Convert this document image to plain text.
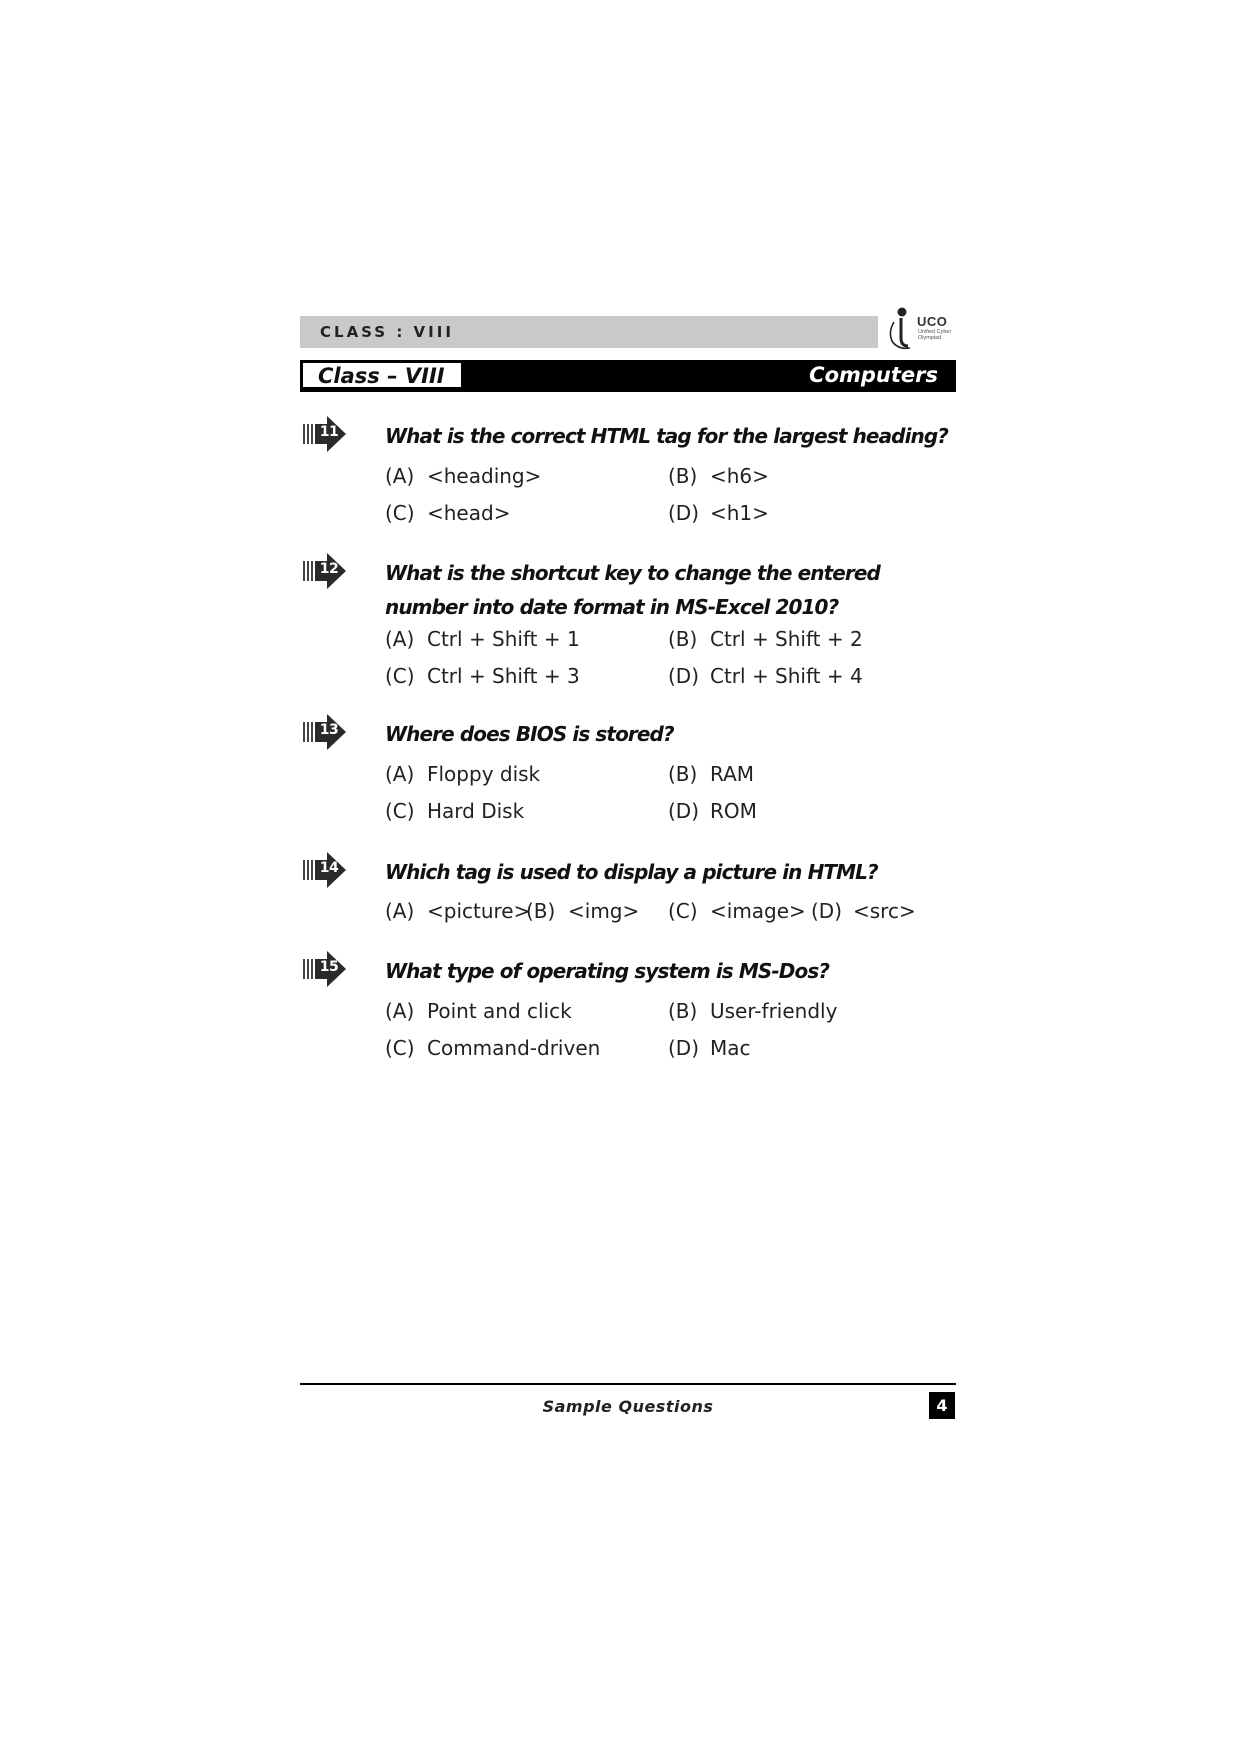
CLASS : VIII
UCO
Unified Cyber Olympiad
Class – VIII	Computers
11 What is the correct HTML tag for the largest heading?
(A) <heading>	(B) <h6>
(C) <head>	(D) <h1>
12 What is the shortcut key to change the entered number into date format in MS-Excel 2010?
(A) Ctrl + Shift + 1	(B) Ctrl + Shift + 2
(C) Ctrl + Shift + 3	(D) Ctrl + Shift + 4
13 Where does BIOS is stored?
(A) Floppy disk	(B) RAM
(C) Hard Disk	(D) ROM
14 Which tag is used to display a picture in HTML?
(A) <picture>
(B) <img> (C) <image> (D) <src>
15 What type of operating system is MS-Dos?
(A) Point and click	(B) User-friendly
(C) Command-driven	(D) Mac
Sample Questions	4
